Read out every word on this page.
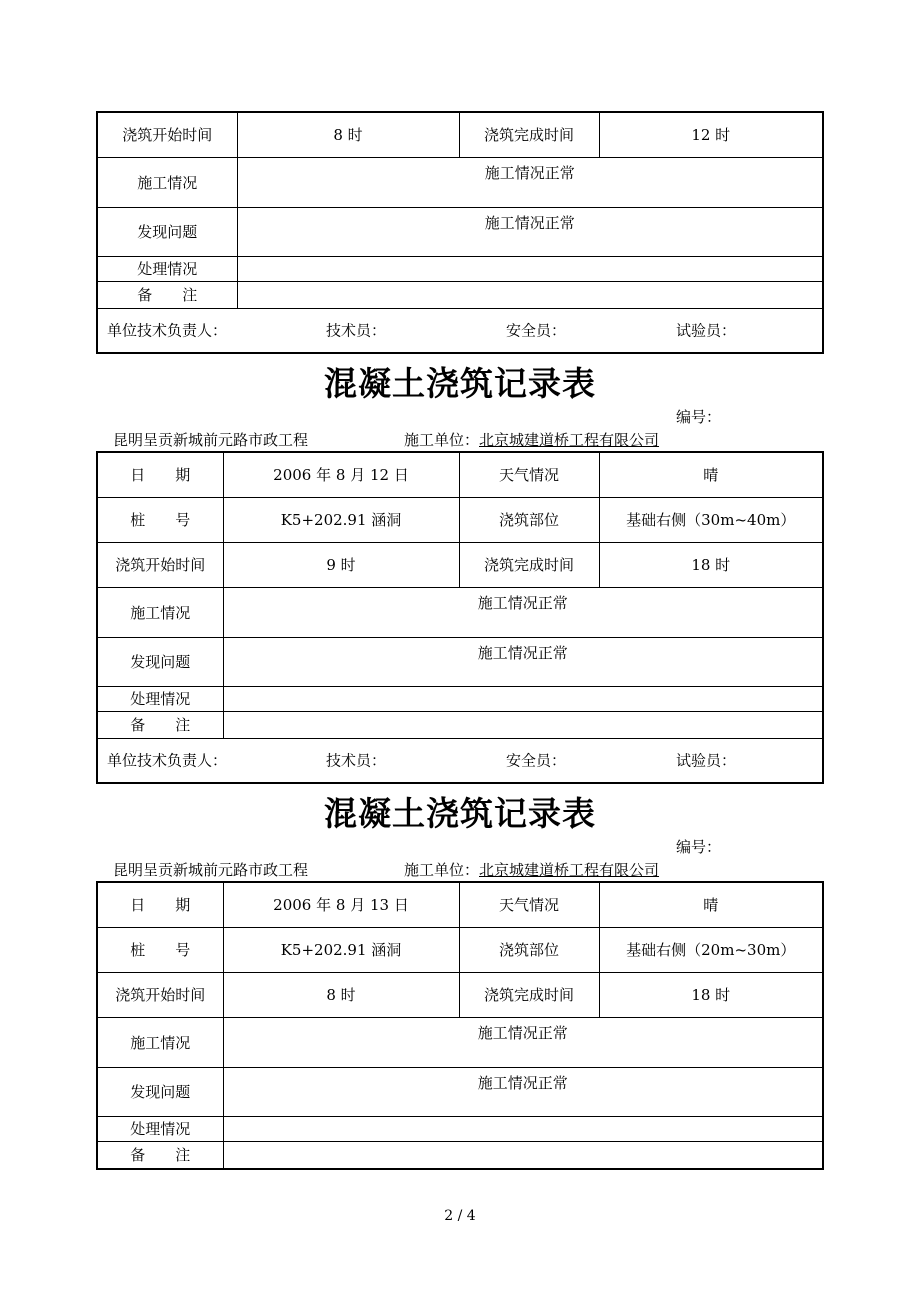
浇筑开始时间	8 时	浇筑完成时间	12 时
施工情况	施工情况正常		
发现问题	施工情况正常		
处理情况			
备　　注			

单位技术负责人： 技术员： 安全员： 试验员：			
混凝土浇筑记录表
编号：
昆明呈贡新城前元路市政工程	施工单位：北京城建道桥工程有限公司
日　　期	2006 年 8 月 12 日	天气情况	晴
桩　　号	K5+202.91 涵洞	浇筑部位	基础右侧（30m~40m）
浇筑开始时间	9 时	浇筑完成时间	18 时
施工情况	施工情况正常		
发现问题	施工情况正常		
处理情况			
备　　注			

单位技术负责人： 技术员： 安全员： 试验员：			
混凝土浇筑记录表
编号：
昆明呈贡新城前元路市政工程	施工单位：北京城建道桥工程有限公司
日　　期	2006 年 8 月 13 日	天气情况	晴
桩　　号	K5+202.91 涵洞	浇筑部位	基础右侧（20m~30m）
浇筑开始时间	8 时	浇筑完成时间	18 时
施工情况	施工情况正常		
发现问题	施工情况正常		
处理情况			
备　　注			
2 / 4
